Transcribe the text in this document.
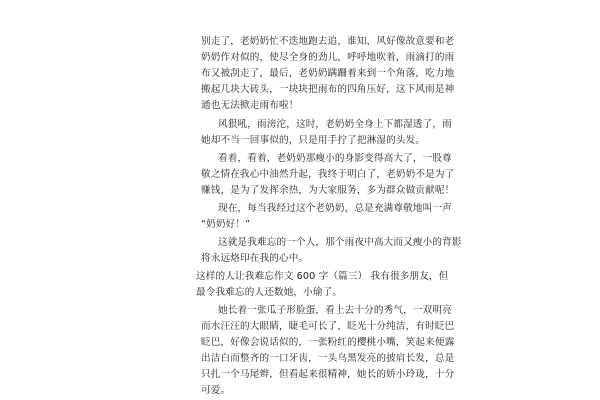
别走了，老奶奶忙不迭地跑去追，谁知，风好像故意要和老
奶奶作对似的，使尽全身的劲儿，呼呼地吹着，雨滴打的雨
布又被刮走了，最后，老奶奶蹒跚着来到一个角落，吃力地
搬起几块大砖头，一块块把雨布的四角压好，这下风雨是神
通也无法掀走雨布啦！
风狠吼，雨滂沱，这时，老奶奶全身上下都湿透了，雨
她却不当一回事似的，只是用手拧了把淋湿的头发。
看着，看着，老奶奶那瘦小的身影变得高大了，一股尊
敬之情在我心中油然升起，我终于明白了，老奶奶不是为了
赚钱，是为了发挥余热，为大家服务，多为群众做贡献呢！
现在，每当我经过这个老奶奶，总是充满尊敬地叫一声
“奶奶好！”
这就是我难忘的一个人，那个雨夜中高大而又瘦小的背影
将永远烙印在我的心中。
这样的人让我难忘作文 600 字（篇三） 我有很多朋友，但
最令我难忘的人还数她，小瑜了。
她长着一张瓜子形脸蛋，看上去十分的秀气，一双明亮
而水汪汪的大眼睛，睫毛可长了，眨光十分纯洁，有时眨巴
眨巴，好像会说话似的，一张粉红的樱桃小嘴，笑起来便露
出洁白而整齐的一口牙齿，一头乌黑发亮的披肩长发，总是
只扎一个马尾辫，但看起来很精神，她长的娇小玲珑，十分
可爱。
